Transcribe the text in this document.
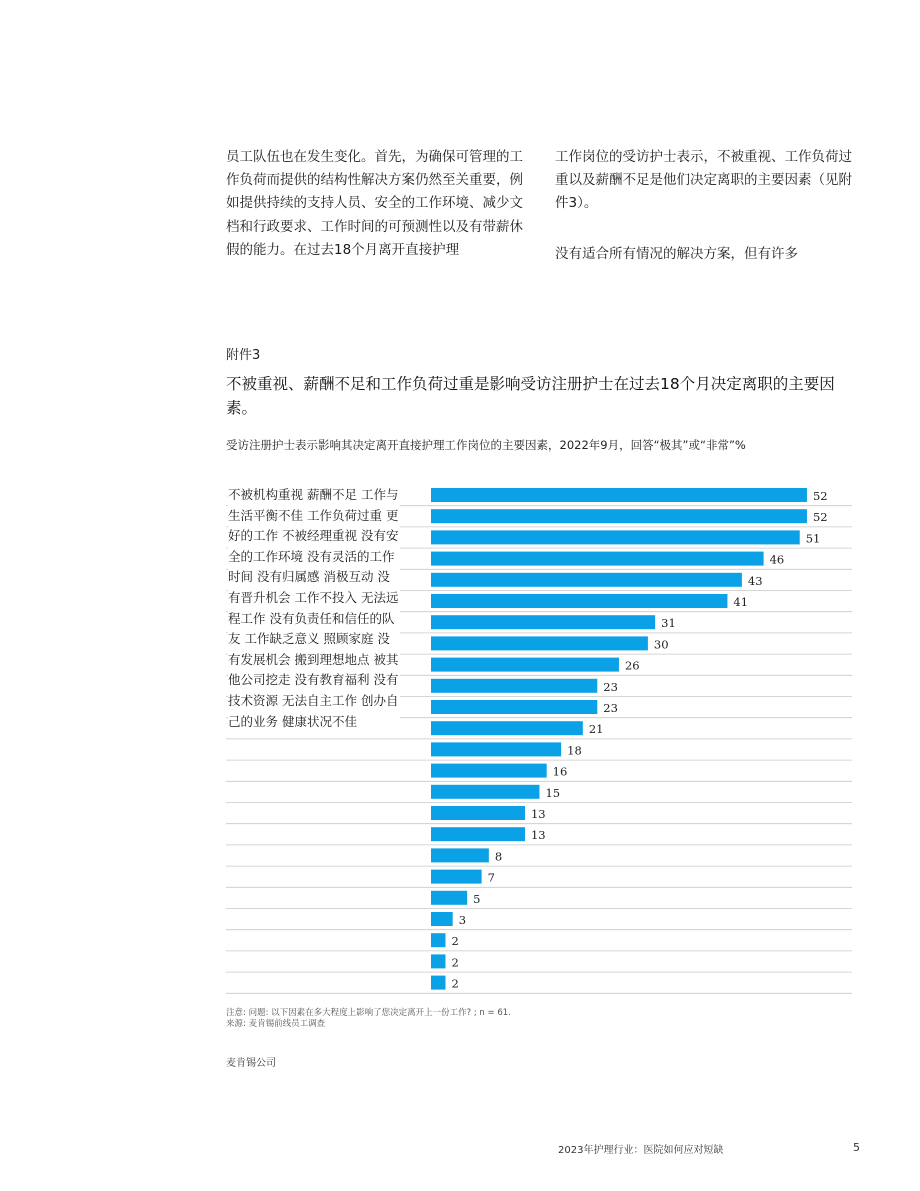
员工队伍也在发生变化。首先，为确保可管理的工作负荷而提供的结构性解决方案仍然至关重要，例如提供持续的支持人员、安全的工作环境、减少文档和行政要求、工作时间的可预测性以及有带薪休假的能力。在过去18个月离开直接护理
工作岗位的受访护士表示，不被重视、工作负荷过重以及薪酬不足是他们决定离职的主要因素（见附件3）。
没有适合所有情况的解决方案，但有许多
附件3
不被重视、薪酬不足和工作负荷过重是影响受访注册护士在过去18个月决定离职的主要因素。
受访注册护士表示影响其决定离开直接护理工作岗位的主要因素，2022年9月，回答“极其”或“非常”%
52
52
51
46
43
41
31
30
26
23
23
21
18
16
15
13
13
8
7
5
3
2
2
2
不被机构重视 薪酬不足 工作与生活平衡不佳 工作负荷过重 更好的工作 不被经理重视 没有安全的工作环境 没有灵活的工作时间 没有归属感 消极互动 没有晋升机会 工作不投入 无法远程工作 没有负责任和信任的队友 工作缺乏意义 照顾家庭 没有发展机会 搬到理想地点 被其他公司挖走 没有教育福利 没有技术资源 无法自主工作 创办自己的业务 健康状况不佳
注意: 问题: 以下因素在多大程度上影响了您决定离开上一份工作? ; n = 61.
来源: 麦肯锡前线员工调查
麦肯锡公司
2023年护理行业：医院如何应对短缺	5
